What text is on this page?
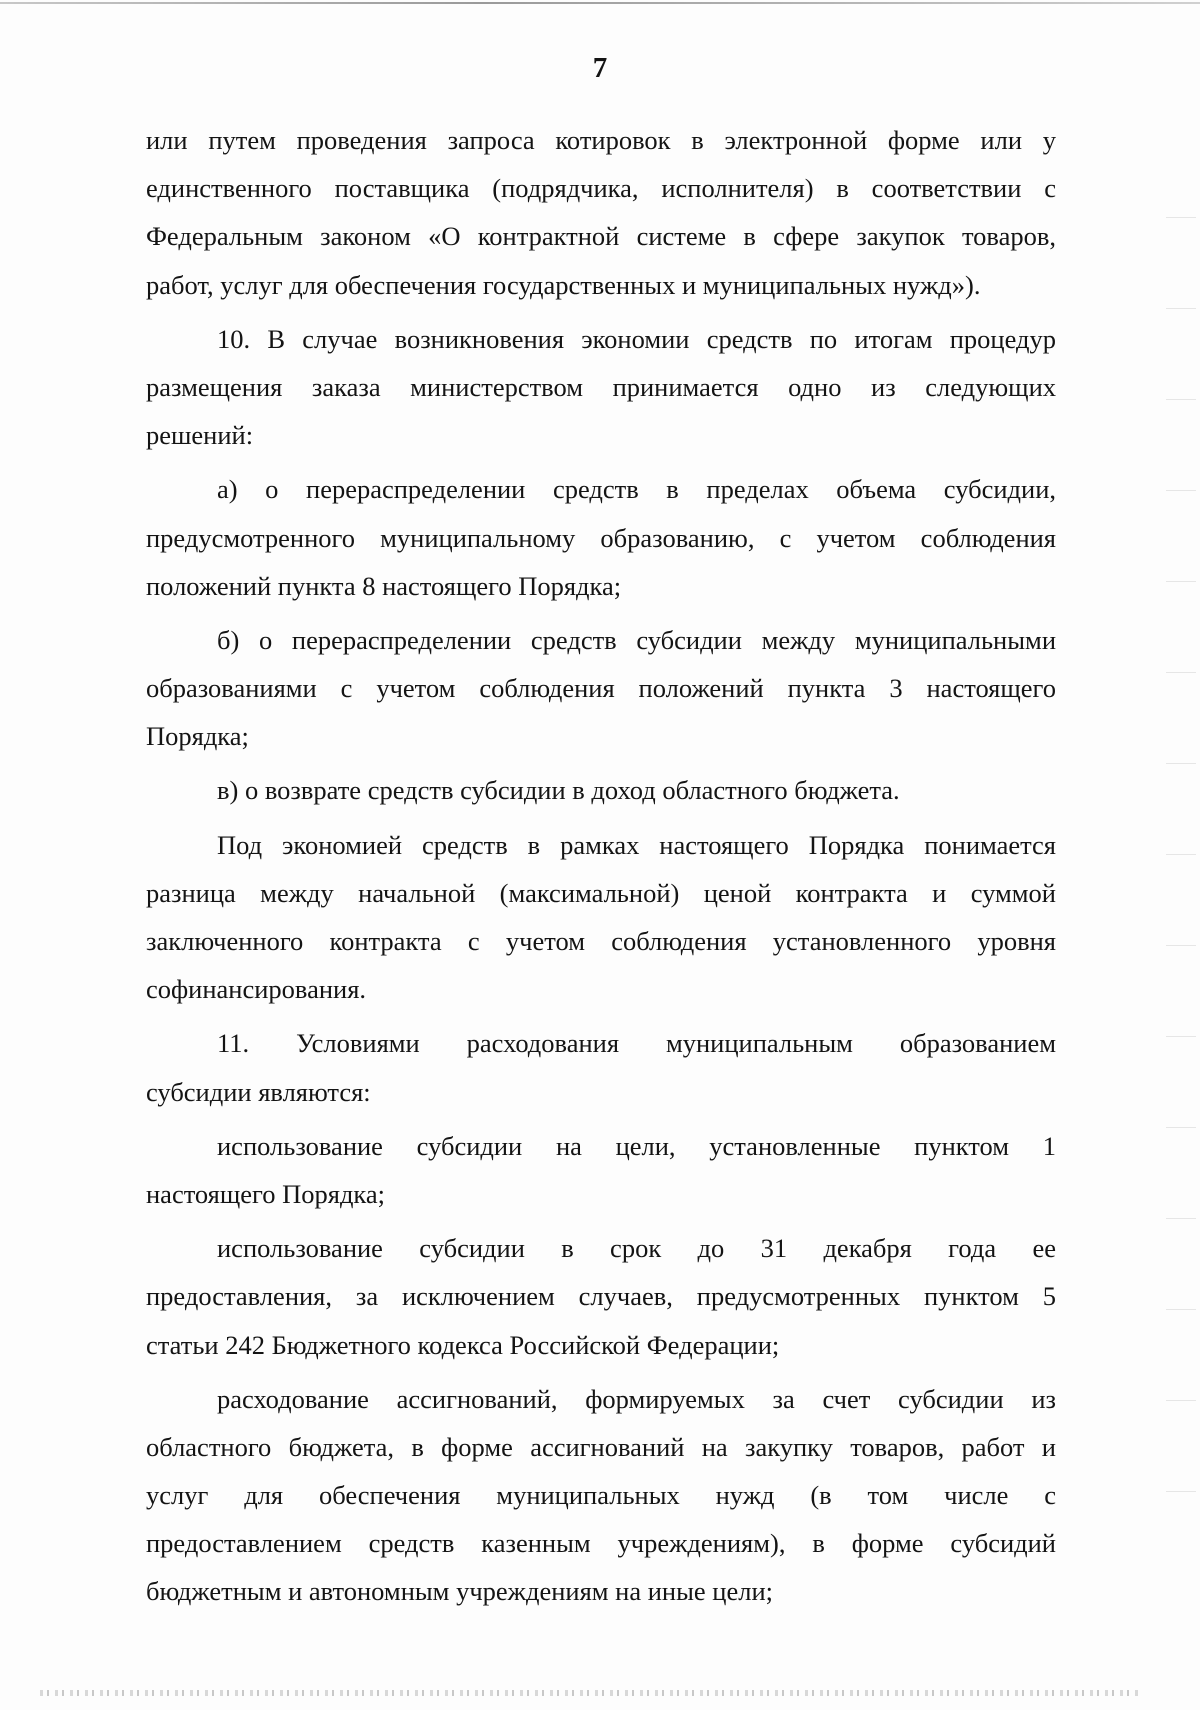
7
или путем проведения запроса котировок в электронной форме или у
единственного поставщика (подрядчика, исполнителя) в соответствии с
Федеральным законом «О контрактной системе в сфере закупок товаров,
работ, услуг для обеспечения государственных и муниципальных нужд»).
10. В случае возникновения экономии средств по итогам процедур
размещения заказа министерством принимается одно из следующих
решений:
а) о перераспределении средств в пределах объема субсидии,
предусмотренного муниципальному образованию, с учетом соблюдения
положений пункта 8 настоящего Порядка;
б) о перераспределении средств субсидии между муниципальными
образованиями с учетом соблюдения положений пункта 3 настоящего
Порядка;
в) о возврате средств субсидии в доход областного бюджета.
Под экономией средств в рамках настоящего Порядка понимается
разница между начальной (максимальной) ценой контракта и суммой
заключенного контракта с учетом соблюдения установленного уровня
софинансирования.
11. Условиями расходования муниципальным образованием
субсидии являются:
использование субсидии на цели, установленные пунктом 1
настоящего Порядка;
использование субсидии в срок до 31 декабря года ее
предоставления, за исключением случаев, предусмотренных пунктом 5
статьи 242 Бюджетного кодекса Российской Федерации;
расходование ассигнований, формируемых за счет субсидии из
областного бюджета, в форме ассигнований на закупку товаров, работ и
услуг для обеспечения муниципальных нужд (в том числе с
предоставлением средств казенным учреждениям), в форме субсидий
бюджетным и автономным учреждениям на иные цели;
